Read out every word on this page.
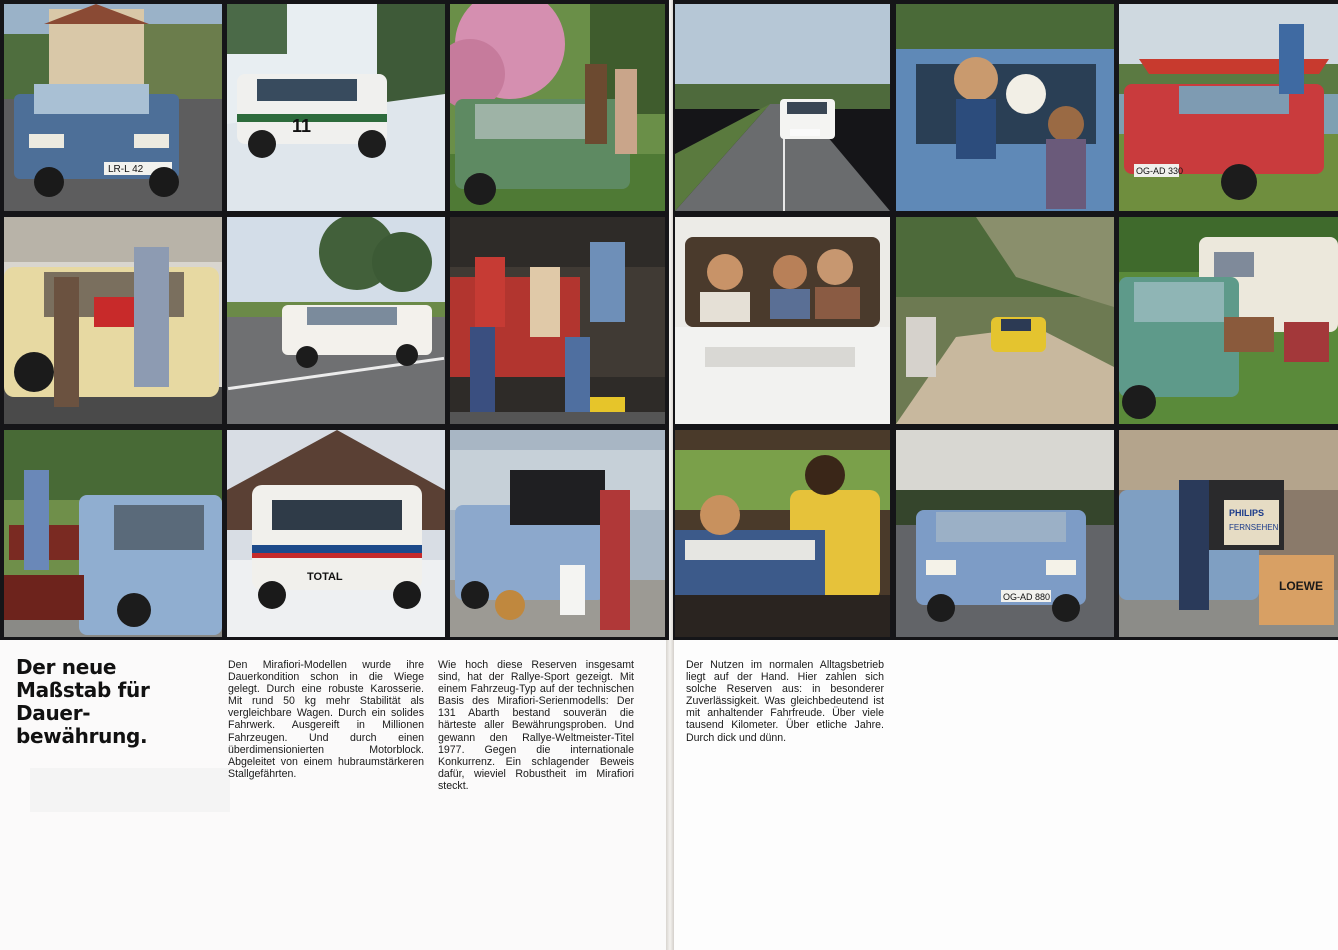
LR-L 42
11
OG-AD 330
TOTAL
OG-AD 880
PHILIPS
FERNSEHEN
LOEWE
Der neue
Maßstab für
Dauer-
bewährung.

Den Mirafiori-Modellen wurde ihre Dauerkondition schon in die Wiege gelegt. Durch eine robuste Karosserie. Mit rund 50 kg mehr Stabilität als vergleichbare Wagen. Durch ein solides Fahrwerk. Ausgereift in Millionen Fahrzeugen. Und durch einen überdimensionierten Motorblock. Abgeleitet von einem hubraumstärkeren Stallgefährten.

Wie hoch diese Reserven insgesamt sind, hat der Rallye-Sport gezeigt. Mit einem Fahrzeug-Typ auf der technischen Basis des Mirafiori-Serienmodells: Der 131 Abarth bestand souverän die härteste aller Bewährungsproben. Und gewann den Rallye-Weltmeister-Titel 1977. Gegen die internationale Konkurrenz. Ein schlagender Beweis dafür, wieviel Robustheit im Mirafiori steckt.

Der Nutzen im normalen Alltagsbetrieb liegt auf der Hand. Hier zahlen sich solche Reserven aus: in besonderer Zuverlässigkeit. Was gleichbedeutend ist mit anhaltender Fahrfreude. Über viele tausend Kilometer. Über etliche Jahre. Durch dick und dünn.
